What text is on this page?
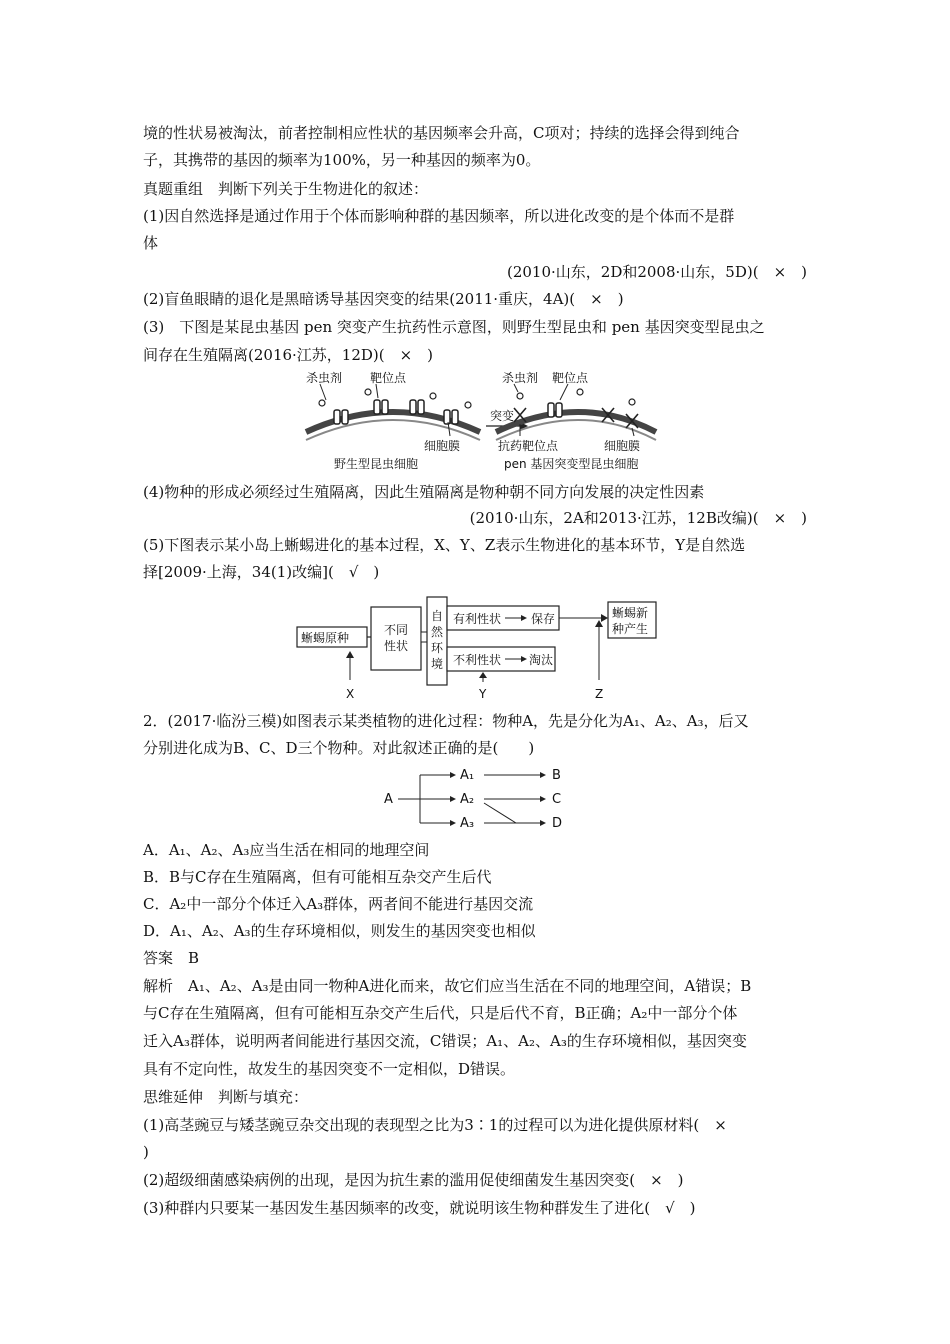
境的性状易被淘汰，前者控制相应性状的基因频率会升高，C项对；持续的选择会得到纯合
子，其携带的基因的频率为100%，另一种基因的频率为0。
真题重组　判断下列关于生物进化的叙述：
(1)因自然选择是通过作用于个体而影响种群的基因频率，所以进化改变的是个体而不是群
体
(2010·山东，2D和2008·山东，5D)(　×　)
(2)盲鱼眼睛的退化是黑暗诱导基因突变的结果(2011·重庆，4A)(　×　)
(3)　下图是某昆虫基因 pen 突变产生抗药性示意图，则野生型昆虫和 pen 基因突变型昆虫之
间存在生殖隔离(2016·江苏，12D)(　×　)
杀虫剂 靶位点
细胞膜
野生型昆虫细胞
突变
杀虫剂 靶位点
抗药靶位点	细胞膜
pen 基因突变型昆虫细胞
(4)物种的形成必须经过生殖隔离，因此生殖隔离是物种朝不同方向发展的决定性因素
(2010·山东，2A和2013·江苏，12B改编)(　×　)
(5)下图表示某小岛上蜥蜴进化的基本过程，X、Y、Z表示生物进化的基本环节，Y是自然选
择[2009·上海，34(1)改编](　√　)
蜥蜴原种
不同
性状
自
然
环
境
有利性状 保存	蜥蜴新
种产生
不利性状 淘汰
X	Y	Z
2．(2017·临汾三模)如图表示某类植物的进化过程：物种A，先是分化为A₁、A₂、A₃，后又
分别进化成为B、C、D三个物种。对此叙述正确的是(　　)
A
A₁
A₂
A₃
B
C
D
A．A₁、A₂、A₃应当生活在相同的地理空间
B．B与C存在生殖隔离，但有可能相互杂交产生后代
C．A₂中一部分个体迁入A₃群体，两者间不能进行基因交流
D．A₁、A₂、A₃的生存环境相似，则发生的基因突变也相似
答案　B
解析　A₁、A₂、A₃是由同一物种A进化而来，故它们应当生活在不同的地理空间，A错误；B
与C存在生殖隔离，但有可能相互杂交产生后代，只是后代不育，B正确；A₂中一部分个体
迁入A₃群体，说明两者间能进行基因交流，C错误；A₁、A₂、A₃的生存环境相似，基因突变
具有不定向性，故发生的基因突变不一定相似，D错误。
思维延伸　判断与填充：
(1)高茎豌豆与矮茎豌豆杂交出现的表现型之比为3∶1的过程可以为进化提供原材料(　×
)
(2)超级细菌感染病例的出现，是因为抗生素的滥用促使细菌发生基因突变(　×　)
(3)种群内只要某一基因发生基因频率的改变，就说明该生物种群发生了进化(　√　)
